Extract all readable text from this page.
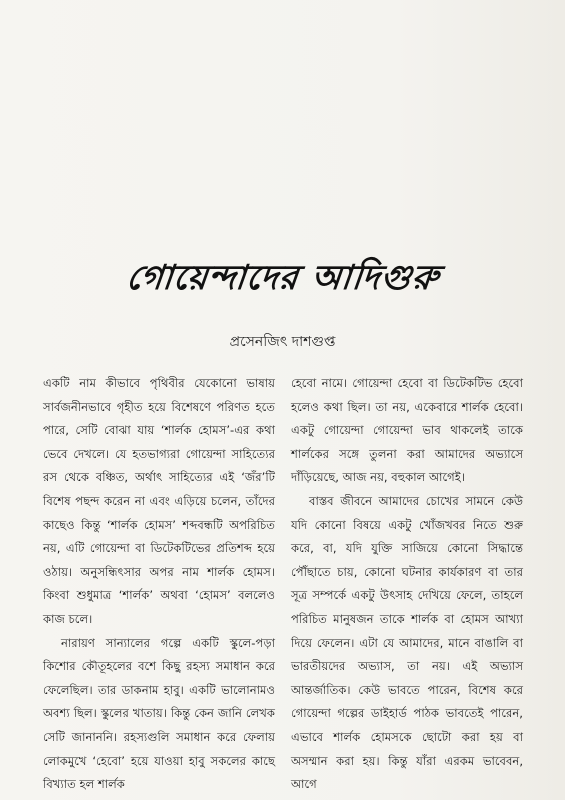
গোয়েন্দাদের আদিগুরু
প্রসেনজিৎ দাশগুপ্ত

একটি নাম কীভাবে পৃথিবীর যেকোনো ভাষায় সার্বজনীনভাবে গৃহীত হয়ে বিশেষণে পরিণত হতে পারে, সেটি বোঝা যায় ‘শার্লক হোমস’-এর কথা ভেবে দেখলে। যে হতভাগ্যরা গোয়েন্দা সাহিত্যের রস থেকে বঞ্চিত, অর্থাৎ সাহিত্যের এই ‘জঁর’টি বিশেষ পছন্দ করেন না এবং এড়িয়ে চলেন, তাঁদের কাছেও কিন্তু ‘শার্লক হোমস’ শব্দবন্ধটি অপরিচিত নয়, এটি গোয়েন্দা বা ডিটেকটিভের প্রতিশব্দ হয়ে ওঠায়। অনুসন্ধিৎসার অপর নাম শার্লক হোমস। কিংবা শুধুমাত্র ‘শার্লক’ অথবা ‘হোমস’ বললেও কাজ চলে।

নারায়ণ সান্যালের গল্পে একটি স্কুলে-পড়া কিশোর কৌতূহলের বশে কিছু রহস্য সমাধান করে ফেলেছিল। তার ডাকনাম হাবু। একটি ভালোনামও অবশ্য ছিল। স্কুলের খাতায়। কিন্তু কেন জানি লেখক সেটি জানাননি। রহস্যগুলি সমাধান করে ফেলায় লোকমুখে ‘হেবো’ হয়ে যাওয়া হাবু সকলের কাছে বিখ্যাত হল শার্লক

হেবো নামে। গোয়েন্দা হেবো বা ডিটেকটিভ হেবো হলেও কথা ছিল। তা নয়, একেবারে শার্লক হেবো। একটু গোয়েন্দা গোয়েন্দা ভাব থাকলেই তাকে শার্লকের সঙ্গে তুলনা করা আমাদের অভ্যাসে দাঁড়িয়েছে, আজ নয়, বহুকাল আগেই।

বাস্তব জীবনে আমাদের চোখের সামনে কেউ যদি কোনো বিষয়ে একটু খোঁজখবর নিতে শুরু করে, বা, যদি যুক্তি সাজিয়ে কোনো সিদ্ধান্তে পৌঁছাতে চায়, কোনো ঘটনার কার্যকারণ বা তার সূত্র সম্পর্কে একটু উৎসাহ দেখিয়ে ফেলে, তাহলে পরিচিত মানুষজন তাকে শার্লক বা হোমস আখ্যা দিয়ে ফেলেন। এটা যে আমাদের, মানে বাঙালি বা ভারতীয়দের অভ্যাস, তা নয়। এই অভ্যাস আন্তর্জাতিক। কেউ ভাবতে পারেন, বিশেষ করে গোয়েন্দা গল্পের ডাইহার্ড পাঠক ভাবতেই পারেন, এভাবে শার্লক হোমসকে ছোটো করা হয় বা অসম্মান করা হয়। কিন্তু যাঁরা এরকম ভাবেবন, আগে
